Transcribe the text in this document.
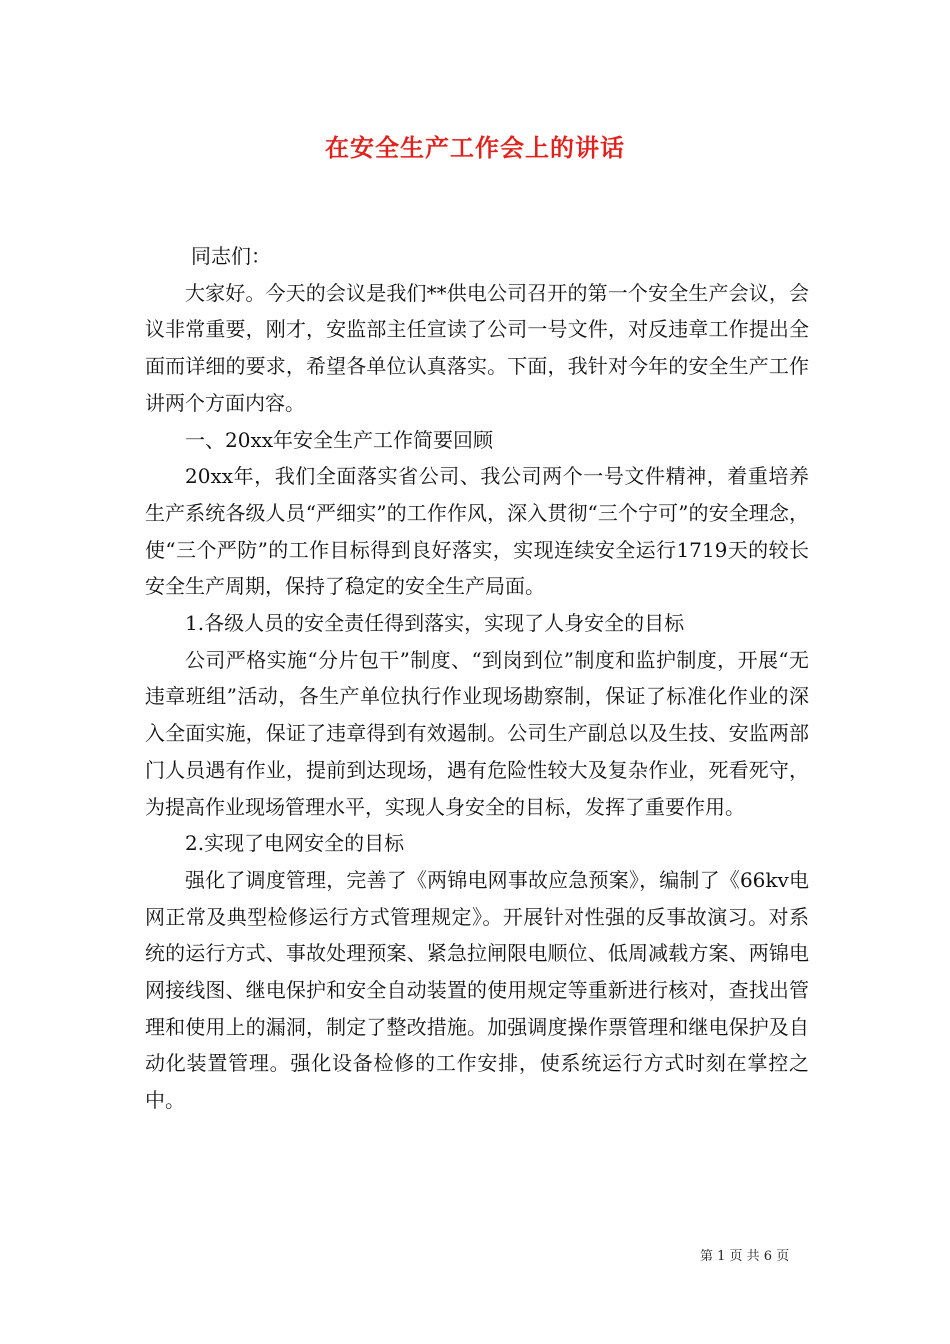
在安全生产工作会上的讲话

同志们：

大家好。今天的会议是我们**供电公司召开的第一个安全生产会议，会议非常重要，刚才，安监部主任宣读了公司一号文件，对反违章工作提出全面而详细的要求，希望各单位认真落实。下面，我针对今年的安全生产工作讲两个方面内容。

一、20xx年安全生产工作简要回顾

20xx年，我们全面落实省公司、我公司两个一号文件精神，着重培养生产系统各级人员“严细实”的工作作风，深入贯彻“三个宁可”的安全理念，使“三个严防”的工作目标得到良好落实，实现连续安全运行1719天的较长安全生产周期，保持了稳定的安全生产局面。

1.各级人员的安全责任得到落实，实现了人身安全的目标

公司严格实施“分片包干”制度、“到岗到位”制度和监护制度，开展“无违章班组”活动，各生产单位执行作业现场勘察制，保证了标准化作业的深入全面实施，保证了违章得到有效遏制。公司生产副总以及生技、安监两部门人员遇有作业，提前到达现场，遇有危险性较大及复杂作业，死看死守，为提高作业现场管理水平，实现人身安全的目标，发挥了重要作用。

2.实现了电网安全的目标

强化了调度管理，完善了《两锦电网事故应急预案》，编制了《66kv电网正常及典型检修运行方式管理规定》。开展针对性强的反事故演习。对系统的运行方式、事故处理预案、紧急拉闸限电顺位、低周减载方案、两锦电网接线图、继电保护和安全自动装置的使用规定等重新进行核对，查找出管理和使用上的漏洞，制定了整改措施。加强调度操作票管理和继电保护及自动化装置管理。强化设备检修的工作安排，使系统运行方式时刻在掌控之中。

第 1 页 共 6 页
